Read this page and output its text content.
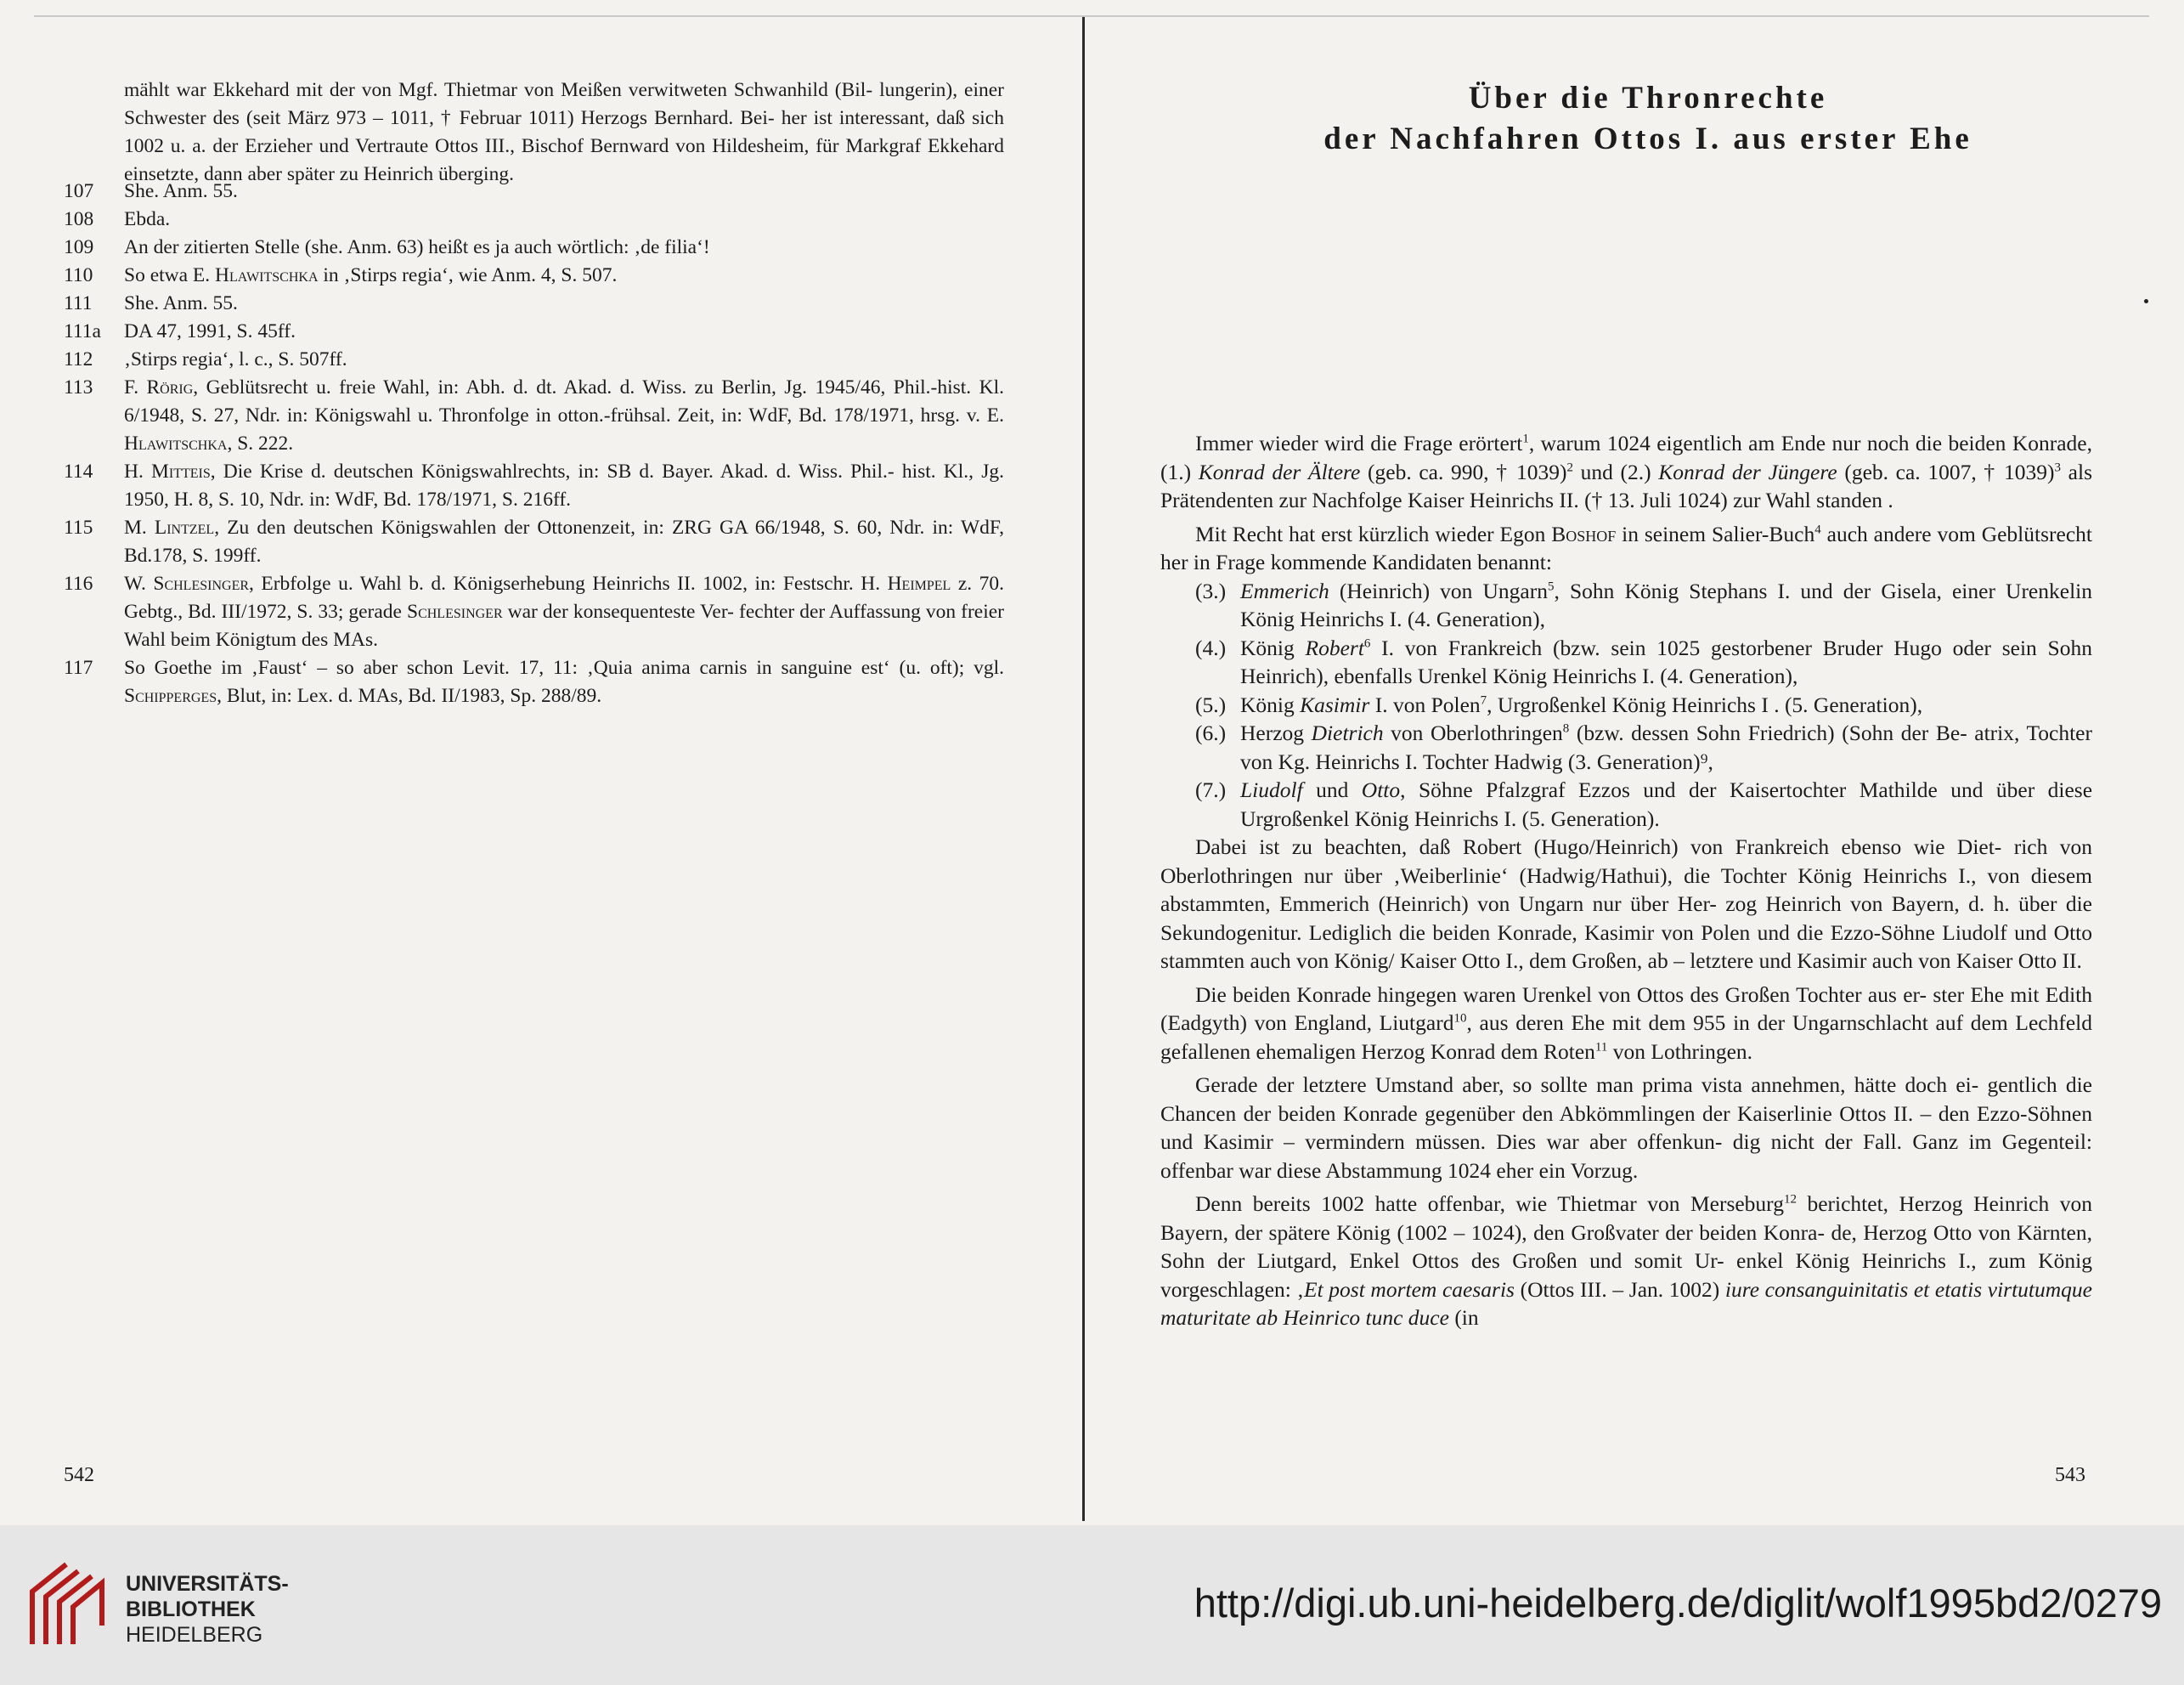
mählt war Ekkehard mit der von Mgf. Thietmar von Meißen verwitweten Schwanhild (Bil- lungerin), einer Schwester des (seit März 973 – 1011, † Februar 1011) Herzogs Bernhard. Bei- her ist interessant, daß sich 1002 u. a. der Erzieher und Vertraute Ottos III., Bischof Bernward von Hildesheim, für Markgraf Ekkehard einsetzte, dann aber später zu Heinrich überging.

107	She. Anm. 55.
108	Ebda.
109	An der zitierten Stelle (she. Anm. 63) heißt es ja auch wörtlich: ‚de filia‘!
110	So etwa E. Hlawitschka in ‚Stirps regia‘, wie Anm. 4, S. 507.
111	She. Anm. 55.
111a	DA 47, 1991, S. 45ff.
112	‚Stirps regia‘, l. c., S. 507ff.
113	F. Rörig, Geblütsrecht u. freie Wahl, in: Abh. d. dt. Akad. d. Wiss. zu Berlin, Jg. 1945/46, Phil.-hist. Kl. 6/1948, S. 27, Ndr. in: Königswahl u. Thronfolge in otton.-frühsal. Zeit, in: WdF, Bd. 178/1971, hrsg. v. E. Hlawitschka, S. 222.
114	H. Mitteis, Die Krise d. deutschen Königswahlrechts, in: SB d. Bayer. Akad. d. Wiss. Phil.- hist. Kl., Jg. 1950, H. 8, S. 10, Ndr. in: WdF, Bd. 178/1971, S. 216ff.
115	M. Lintzel, Zu den deutschen Königswahlen der Ottonenzeit, in: ZRG GA 66/1948, S. 60, Ndr. in: WdF, Bd.178, S. 199ff.
116	W. Schlesinger, Erbfolge u. Wahl b. d. Königserhebung Heinrichs II. 1002, in: Festschr. H. Heimpel z. 70. Gebtg., Bd. III/1972, S. 33; gerade Schlesinger war der konsequenteste Ver- fechter der Auffassung von freier Wahl beim Königtum des MAs.
117	So Goethe im ‚Faust‘ – so aber schon Levit. 17, 11: ‚Quia anima carnis in sanguine est‘ (u. oft); vgl. Schipperges, Blut, in: Lex. d. MAs, Bd. II/1983, Sp. 288/89.
542
Über die Thronrechte
der Nachfahren Ottos I. aus erster Ehe

Immer wieder wird die Frage erörtert$^1$, warum 1024 eigentlich am Ende nur noch die beiden Konrade, (1.) Konrad der Ältere (geb. ca. 990, † 1039)$^2$ und (2.) Konrad der Jüngere (geb. ca. 1007, † 1039)$^3$ als Prätendenten zur Nachfolge Kaiser Heinrichs II. († 13. Juli 1024) zur Wahl standen .

Mit Recht hat erst kürzlich wieder Egon Boshof in seinem Salier-Buch$^4$ auch andere vom Geblütsrecht her in Frage kommende Kandidaten benannt:

(3.) Emmerich (Heinrich) von Ungarn$^5$, Sohn König Stephans I. und der Gisela, einer Urenkelin König Heinrichs I. (4. Generation),
(4.) König Robert$^6$ I. von Frankreich (bzw. sein 1025 gestorbener Bruder Hugo oder sein Sohn Heinrich), ebenfalls Urenkel König Heinrichs I. (4. Generation),
(5.) König Kasimir I. von Polen$^7$, Urgroßenkel König Heinrichs I . (5. Generation),
(6.) Herzog Dietrich von Oberlothringen$^8$ (bzw. dessen Sohn Friedrich) (Sohn der Be- atrix, Tochter von Kg. Heinrichs I. Tochter Hadwig (3. Generation)⁹,
(7.) Liudolf und Otto, Söhne Pfalzgraf Ezzos und der Kaisertochter Mathilde und über diese Urgroßenkel König Heinrichs I. (5. Generation).

Dabei ist zu beachten, daß Robert (Hugo/Heinrich) von Frankreich ebenso wie Diet- rich von Oberlothringen nur über ‚Weiberlinie‘ (Hadwig/Hathui), die Tochter König Heinrichs I., von diesem abstammten, Emmerich (Heinrich) von Ungarn nur über Her- zog Heinrich von Bayern, d. h. über die Sekundogenitur. Lediglich die beiden Konrade, Kasimir von Polen und die Ezzo-Söhne Liudolf und Otto stammten auch von König/ Kaiser Otto I., dem Großen, ab – letztere und Kasimir auch von Kaiser Otto II.

Die beiden Konrade hingegen waren Urenkel von Ottos des Großen Tochter aus er- ster Ehe mit Edith (Eadgyth) von England, Liutgard$^{10}$, aus deren Ehe mit dem 955 in der Ungarnschlacht auf dem Lechfeld gefallenen ehemaligen Herzog Konrad dem Roten$^{11}$ von Lothringen.

Gerade der letztere Umstand aber, so sollte man prima vista annehmen, hätte doch ei- gentlich die Chancen der beiden Konrade gegenüber den Abkömmlingen der Kaiserlinie Ottos II. – den Ezzo-Söhnen und Kasimir – vermindern müssen. Dies war aber offenkun- dig nicht der Fall. Ganz im Gegenteil: offenbar war diese Abstammung 1024 eher ein Vorzug.

Denn bereits 1002 hatte offenbar, wie Thietmar von Merseburg$^{12}$ berichtet, Herzog Heinrich von Bayern, der spätere König (1002 – 1024), den Großvater der beiden Konra- de, Herzog Otto von Kärnten, Sohn der Liutgard, Enkel Ottos des Großen und somit Ur- enkel König Heinrichs I., zum König vorgeschlagen: ‚Et post mortem caesaris (Ottos III. – Jan. 1002) iure consanguinitatis et etatis virtutumque maturitate ab Heinrico tunc duce (in

543
UNIVERSITÄTS-
BIBLIOTHEK
HEIDELBERG
http://digi.ub.uni-heidelberg.de/diglit/wolf1995bd2/0279
